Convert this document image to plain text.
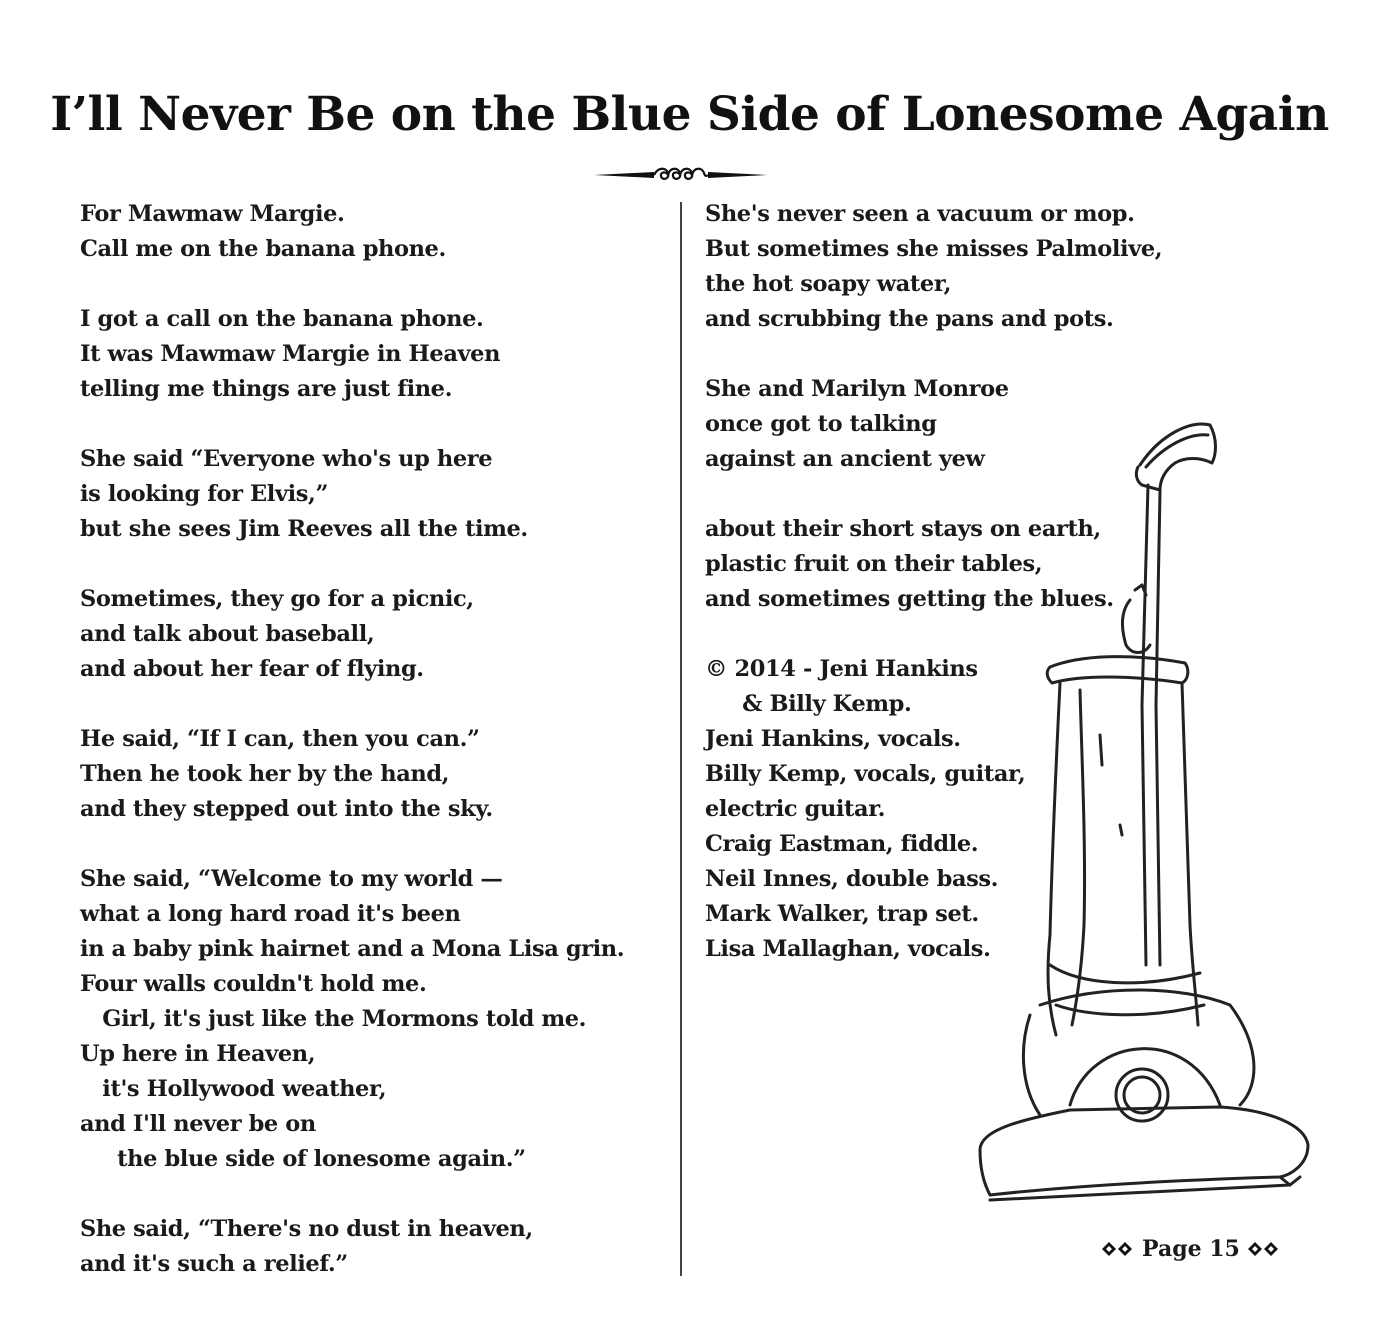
I’ll Never Be on the Blue Side of Lonesome Again
For Mawmaw Margie.
Call me on the banana phone.
I got a call on the banana phone.
It was Mawmaw Margie in Heaven
telling me things are just fine.
She said “Everyone who's up here
is looking for Elvis,”
but she sees Jim Reeves all the time.
Sometimes, they go for a picnic,
and talk about baseball,
and about her fear of flying.
He said, “If I can, then you can.”
Then he took her by the hand,
and they stepped out into the sky.
She said, “Welcome to my world —
what a long hard road it's been
in a baby pink hairnet and a Mona Lisa grin.
Four walls couldn't hold me.
Girl, it's just like the Mormons told me.
Up here in Heaven,
it's Hollywood weather,
and I'll never be on
the blue side of lonesome again.”
She said, “There's no dust in heaven,
and it's such a relief.”
She's never seen a vacuum or mop.
But sometimes she misses Palmolive,
the hot soapy water,
and scrubbing the pans and pots.
She and Marilyn Monroe
once got to talking
against an ancient yew
about their short stays on earth,
plastic fruit on their tables,
and sometimes getting the blues.
© 2014 - Jeni Hankins
& Billy Kemp.
Jeni Hankins, vocals.
Billy Kemp, vocals, guitar,
electric guitar.
Craig Eastman, fiddle.
Neil Innes, double bass.
Mark Walker, trap set.
Lisa Mallaghan, vocals.
Page 15
